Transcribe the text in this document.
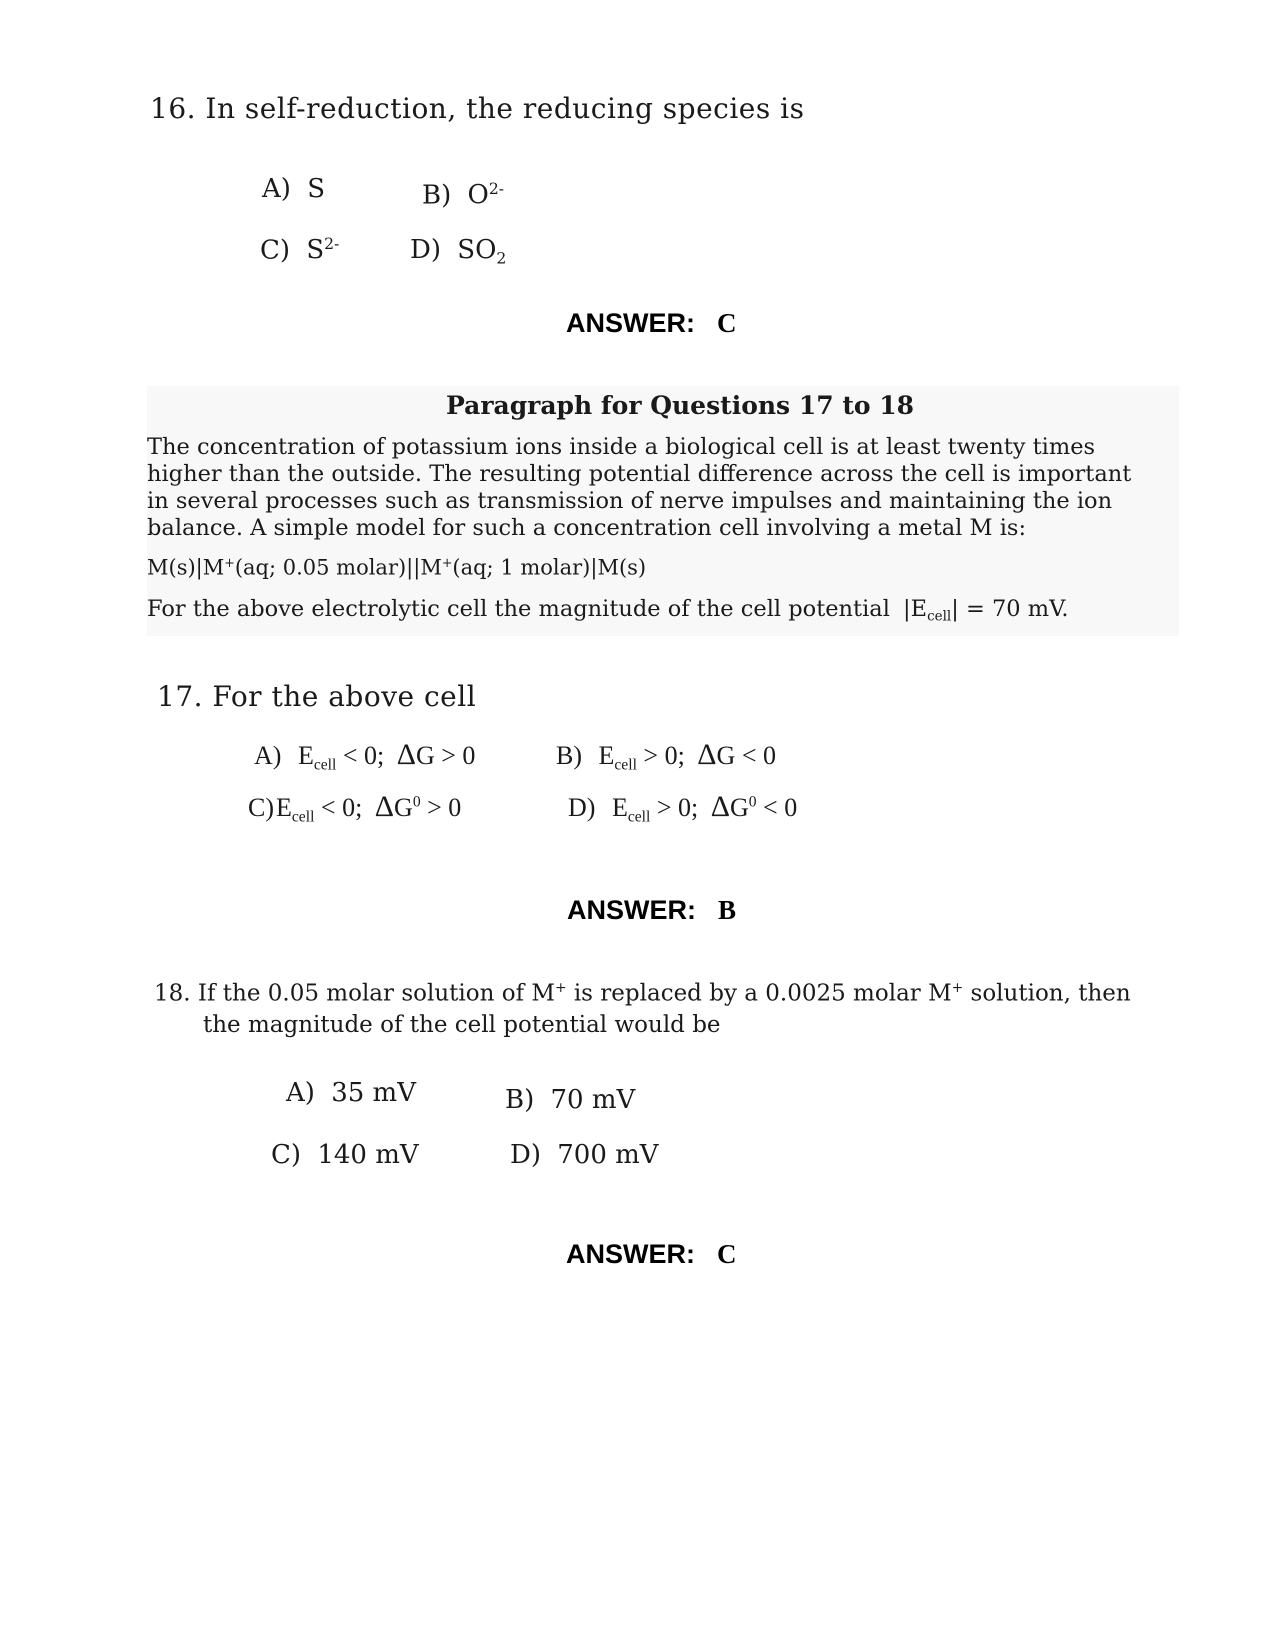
16. In self-reduction, the reducing species is
A) S	B) $O^{2-}$
C) $S^{2-}$	D) $SO_2$
ANSWER: C
Paragraph for Questions 17 to 18
The concentration of potassium ions inside a biological cell is at least twenty times
higher than the outside. The resulting potential difference across the cell is important
in several processes such as transmission of nerve impulses and maintaining the ion
balance. A simple model for such a concentration cell involving a metal M is:
M(s)|M+(aq; 0.05 molar)||M+(aq; 1 molar)|M(s)
For the above electrolytic cell the magnitude of the cell potential $|E_{cell}| = 70$ mV.
17. For the above cell
A) $E_{cell} < 0$; ΔG > 0	B) $E_{cell} > 0$; ΔG < 0
$C)E_{cell} < 0$; $\Delta G^0 > 0$	D) $E_{cell} > 0$; $\Delta G^0 < 0$
ANSWER: B
18. If the 0.05 molar solution of M+ is replaced by a 0.0025 molar M+ solution, then
the magnitude of the cell potential would be
A) 35 mV	B) 70 mV
C) 140 mV	D) 700 mV
ANSWER: C
